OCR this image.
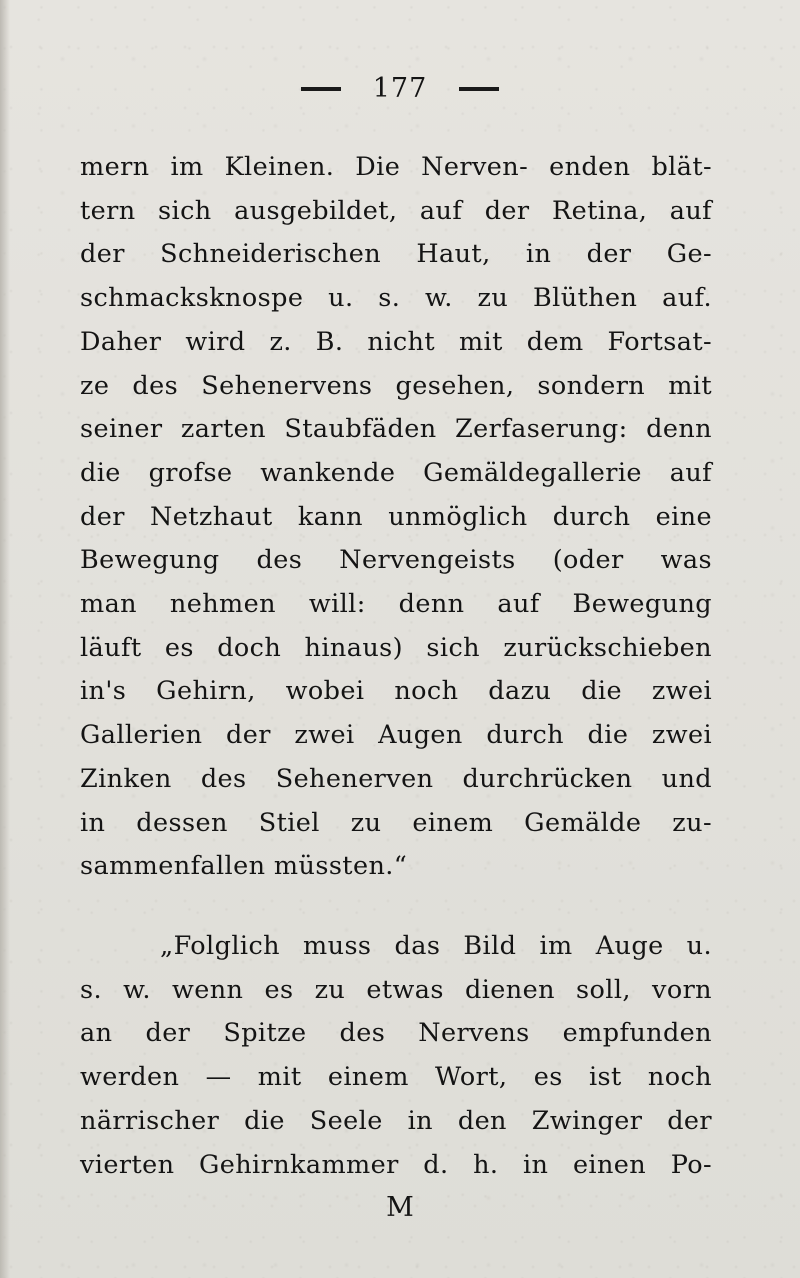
177
mern im Kleinen. Die Nerven- enden blät-
tern sich ausgebildet, auf der Retina, auf
der Schneiderischen Haut, in der Ge-
schmacksknospe u. s. w. zu Blüthen auf.
Daher wird z. B. nicht mit dem Fortsat-
ze des Sehenervens gesehen, sondern mit
seiner zarten Staubfäden Zerfaserung: denn
die grofse wankende Gemäldegallerie auf
der Netzhaut kann unmöglich durch eine
Bewegung des Nervengeists (oder was
man nehmen will: denn auf Bewegung
läuft es doch hinaus) sich zurückschieben
in's Gehirn, wobei noch dazu die zwei
Gallerien der zwei Augen durch die zwei
Zinken des Sehenerven durchrücken und
in dessen Stiel zu einem Gemälde zu-
sammenfallen müssten.“
„Folglich muss das Bild im Auge u.
s. w. wenn es zu etwas dienen soll, vorn
an der Spitze des Nervens empfunden
werden — mit einem Wort, es ist noch
närrischer die Seele in den Zwinger der
vierten Gehirnkammer d. h. in einen Po-
M
